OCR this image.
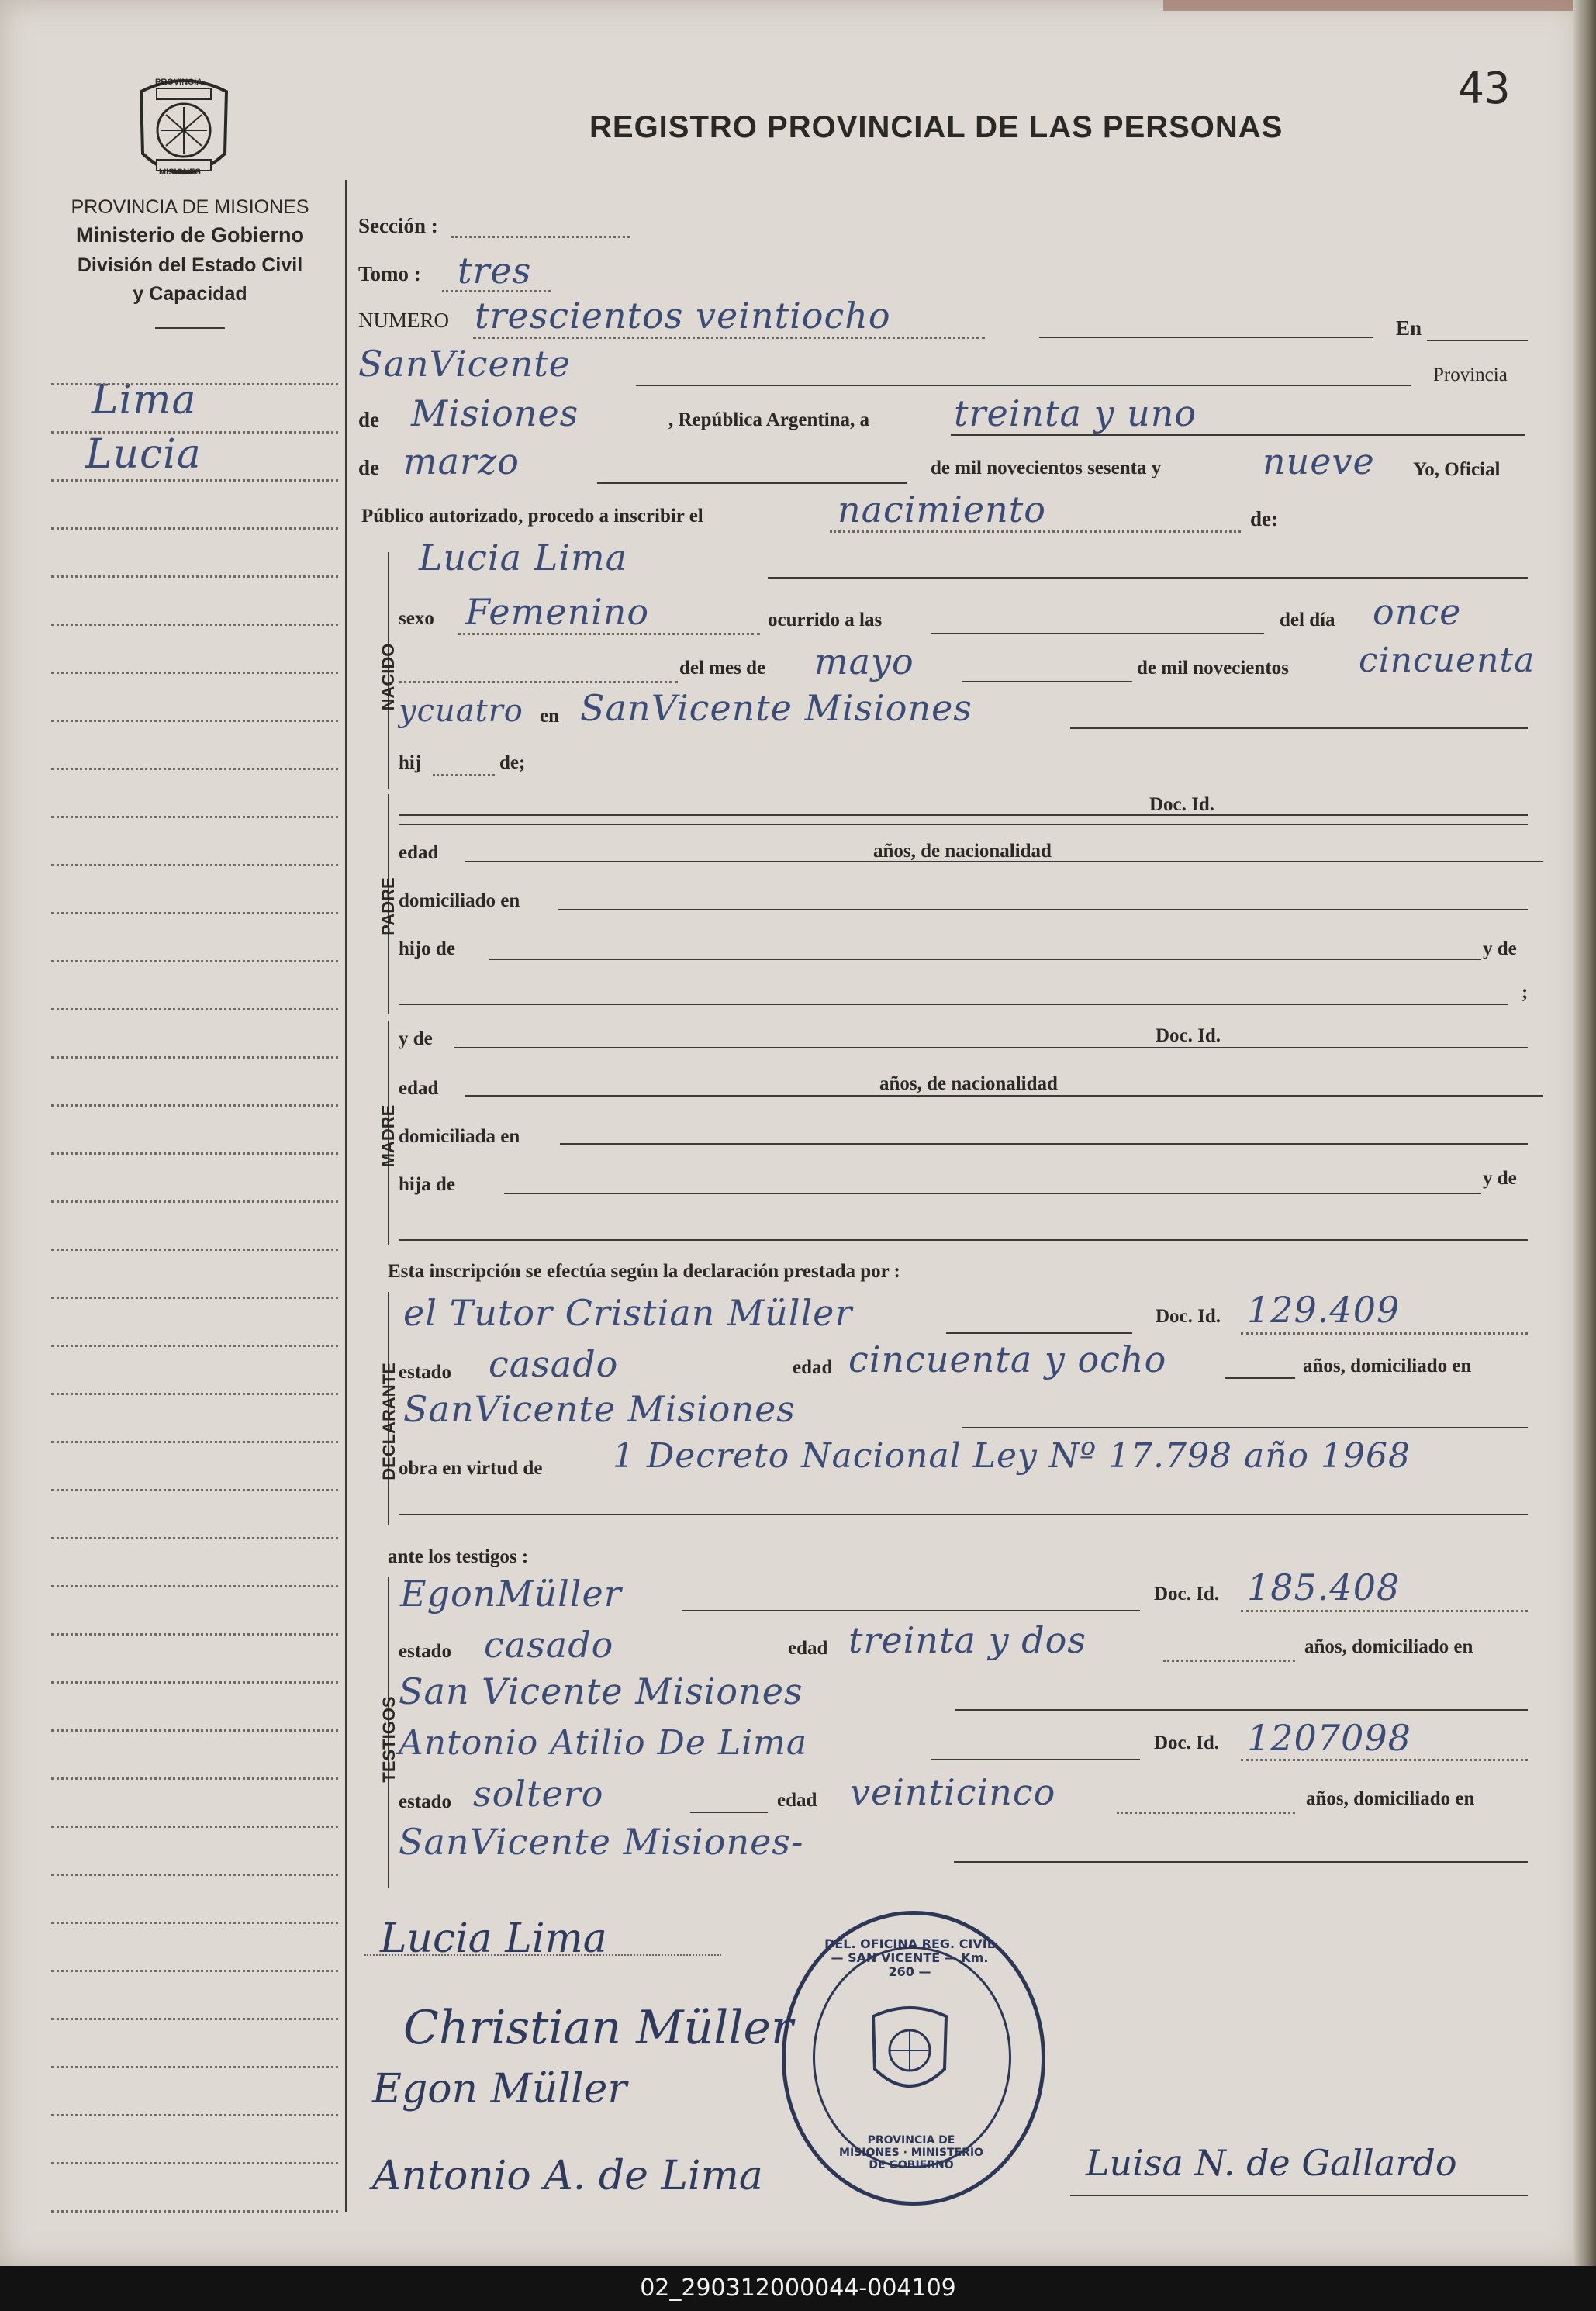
43
REGISTRO PROVINCIAL DE LAS PERSONAS
PROVINCIA
MISIONES
PROVINCIA DE MISIONES
Ministerio de Gobierno
División del Estado Civil
y Capacidad
Lima
Lucia
Sección :
Tomo : tres
NUMERO trescientos veintiocho	En
SanVicente	Provincia
de Misiones	, República Argentina, a treinta y uno
de marzo	de mil novecientos sesenta y	nueve Yo, Oficial
Público autorizado, procedo a inscribir el	nacimiento	de:
NACIDO
Lucia Lima
sexo Femenino	ocurrido a las	del día once
del mes de mayo	de mil novecientos cincuenta
ycuatro en SanVicente Misiones
hij	de;
PADRE
Doc. Id.
edad	años, de nacionalidad
domiciliado en
hijo de	y de
;
MADRE
y de	Doc. Id.
edad	años, de nacionalidad
domiciliada en
hija de	y de
Esta inscripción se efectúa según la declaración prestada por :
DECLARANTE
el Tutor Cristian Müller	Doc. Id. 129.409
estado casado	edad cincuenta y ocho	años, domiciliado en
SanVicente Misiones
obra en virtud de 1 Decreto Nacional Ley Nº 17.798 año 1968
ante los testigos :
TESTIGOS
EgonMüller	Doc. Id. 185.408
estado casado	edad treinta y dos	años, domiciliado en
San Vicente Misiones
Antonio Atilio De Lima	Doc. Id. 1207098
estado soltero	edad veinticinco	años, domiciliado en
SanVicente Misiones-
Lucia Lima
Christian Müller
Egon Müller
Antonio A. de Lima	Luisa N. de Gallardo
DEL. OFICINA REG. CIVIL — SAN VICENTE — Km. 260 —
PROVINCIA DE MISIONES · MINISTERIO DE GOBIERNO
02_290312000044-004109
